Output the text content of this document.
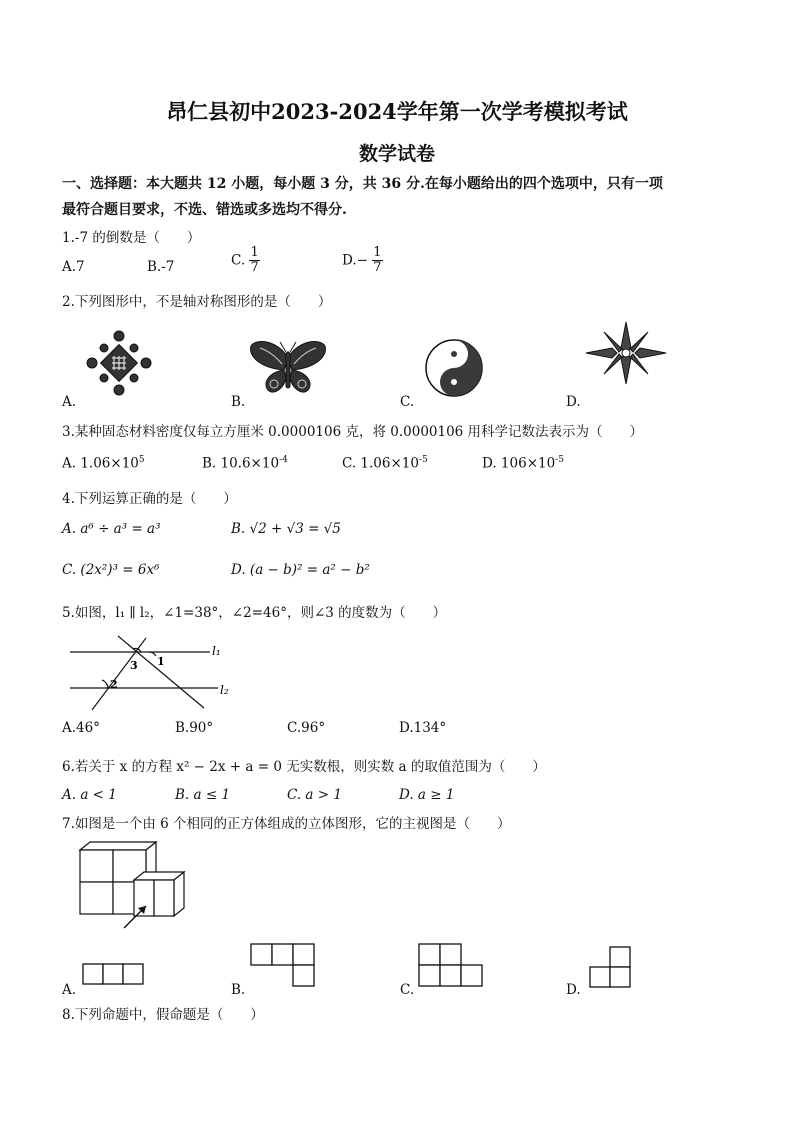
昂仁县初中2023-2024学年第一次学考模拟考试
数学试卷
一、选择题：本大题共 12 小题，每小题 3 分，共 36 分.在每小题给出的四个选项中，只有一项
最符合题目要求，不选、错选或多选均不得分.
1.-7 的倒数是（　　）
A.7	B.-7	C. $\frac{1}{7}$	$D.- \frac{1}{7}$
2.下列图形中，不是轴对称图形的是（　　）
A.	B.	C.	D.
3.某种固态材料密度仅每立方厘米 0.0000106 克，将 0.0000106 用科学记数法表示为（　　）
A. $1.06\times 10^5$	B. $10.6\times 10^{-4}$	C. $1.06\times 10^{-5}$	D. $106\times 10^{-5}$
4.下列运算正确的是（　　）
A. a⁶ ÷ a³ = a³	B. √2 + √3 = √5
C. (2x²)³ = 6x⁶	D. (a − b)² = a² − b²
5.如图，l₁ ∥ l₂，∠1=38°，∠2=46°，则∠3 的度数为（　　）
l₁
l₂
1
2
3
A.46°	B.90°	C.96°	D.134°
6.若关于 x 的方程 x² − 2x + a = 0 无实数根，则实数 a 的取值范围为（　　）
A. a < 1	B. a ≤ 1	C. a > 1	D. a ≥ 1
7.如图是一个由 6 个相同的正方体组成的立体图形，它的主视图是（　　）
A.	B.	C.	D.
8.下列命题中，假命题是（　　）
